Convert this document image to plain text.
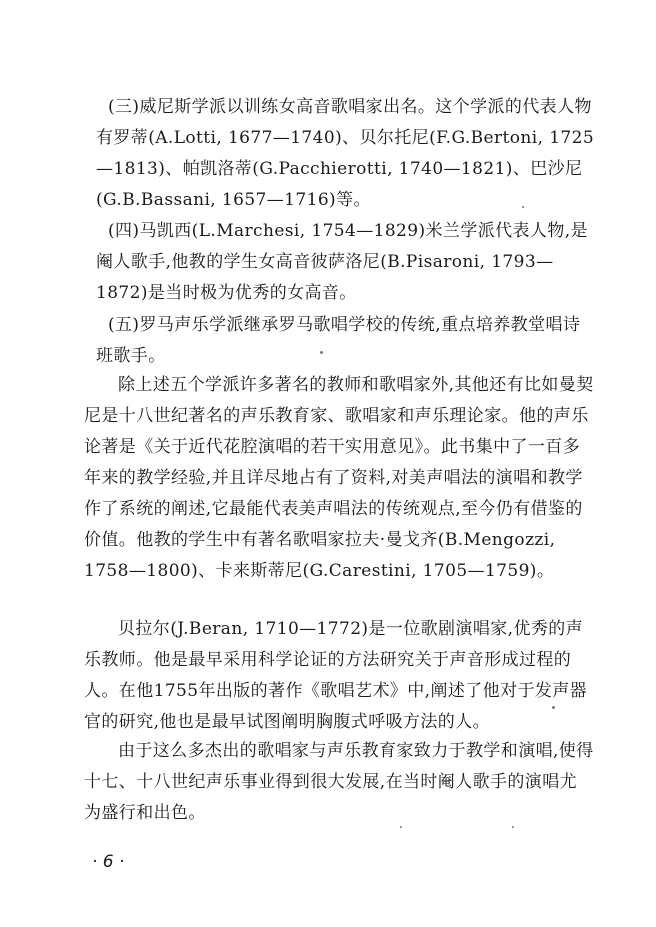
(三)威尼斯学派以训练女高音歌唱家出名。这个学派的代表人物有罗蒂(A.Lotti, 1677—1740)、贝尔托尼(F.G.Bertoni, 1725—1813)、帕凯洛蒂(G.Pacchierotti, 1740—1821)、巴沙尼(G.B.Bassani, 1657—1716)等。

(四)马凯西(L.Marchesi, 1754—1829)米兰学派代表人物,是阉人歌手,他教的学生女高音彼萨洛尼(B.Pisaroni, 1793—1872)是当时极为优秀的女高音。

(五)罗马声乐学派继承罗马歌唱学校的传统,重点培养教堂唱诗班歌手。

除上述五个学派许多著名的教师和歌唱家外,其他还有比如曼契尼是十八世纪著名的声乐教育家、歌唱家和声乐理论家。他的声乐论著是《关于近代花腔演唱的若干实用意见》。此书集中了一百多年来的教学经验,并且详尽地占有了资料,对美声唱法的演唱和教学作了系统的阐述,它最能代表美声唱法的传统观点,至今仍有借鉴的价值。他教的学生中有著名歌唱家拉夫·曼戈齐(B.Mengozzi, 1758—1800)、卡来斯蒂尼(G.Carestini, 1705—1759)。

贝拉尔(J.Beran, 1710—1772)是一位歌剧演唱家,优秀的声乐教师。他是最早采用科学论证的方法研究关于声音形成过程的人。在他1755年出版的著作《歌唱艺术》中,阐述了他对于发声器官的研究,他也是最早试图阐明胸腹式呼吸方法的人。

由于这么多杰出的歌唱家与声乐教育家致力于教学和演唱,使得十七、十八世纪声乐事业得到很大发展,在当时阉人歌手的演唱尤为盛行和出色。

· 6 ·
